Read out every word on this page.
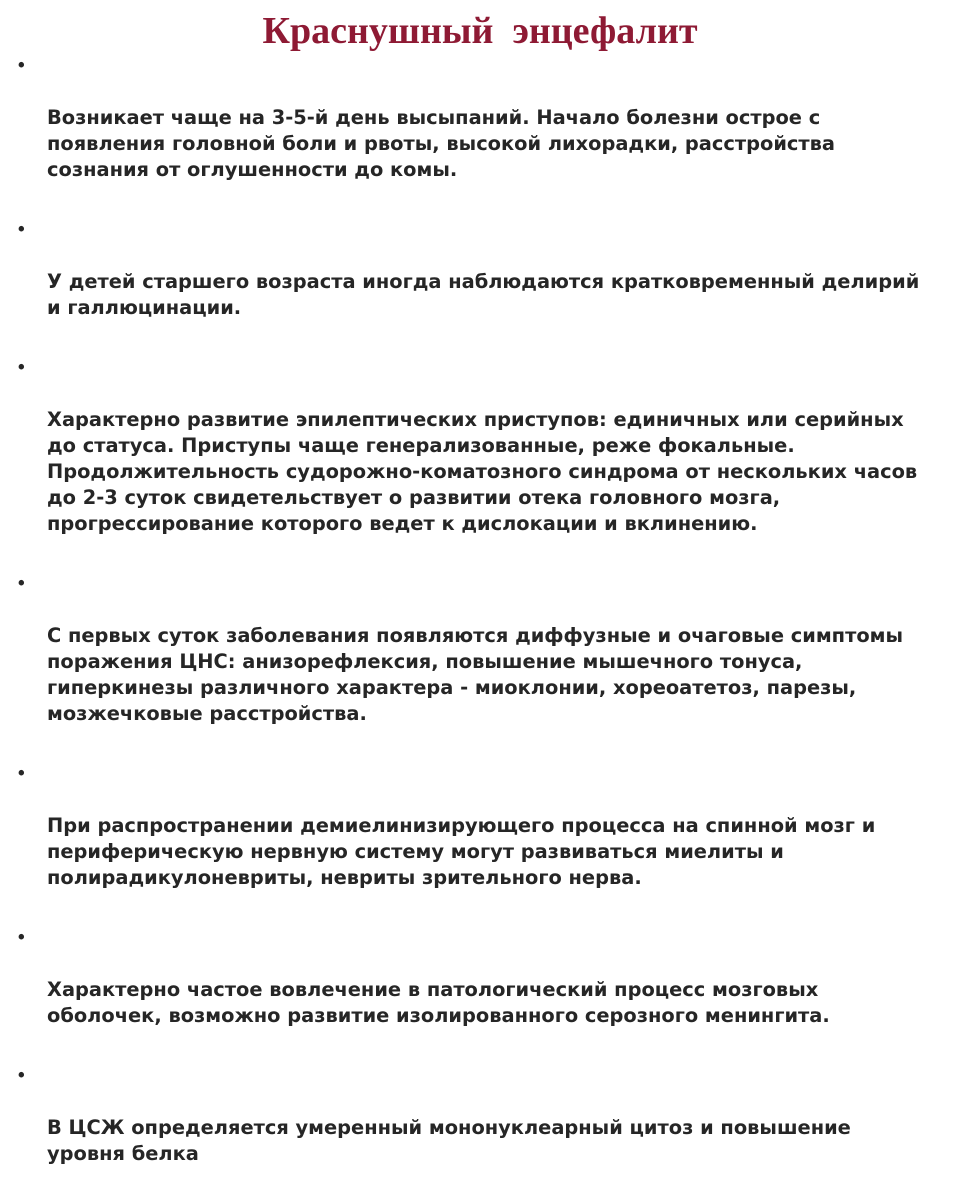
Краснушный  энцефалит

•

Возникает чаще на 3-5-й день высыпаний. Начало болезни острое с
появления головной боли и рвоты, высокой лихорадки, расстройства
сознания от оглушенности до комы.

•

У детей старшего возраста иногда наблюдаются кратковременный делирий
и галлюцинации.

•

Характерно развитие эпилептических приступов: единичных или серийных
до статуса. Приступы чаще генерализованные, реже фокальные.
Продолжительность судорожно-коматозного синдрома от нескольких часов
до 2-3 суток свидетельствует о развитии отека головного мозга,
прогрессирование которого ведет к дислокации и вклинению.

•

С первых суток заболевания появляются диффузные и очаговые симптомы
поражения ЦНС: анизорефлексия, повышение мышечного тонуса,
гиперкинезы различного характера - миоклонии, хореоатетоз, парезы,
мозжечковые расстройства.

•

При распространении демиелинизирующего процесса на спинной мозг и
периферическую нервную систему могут развиваться миелиты и
полирадикулоневриты, невриты зрительного нерва.

•

Характерно частое вовлечение в патологический процесс мозговых
оболочек, возможно развитие изолированного серозного менингита.

•

В ЦСЖ определяется умеренный мононуклеарный цитоз и повышение
уровня белка
